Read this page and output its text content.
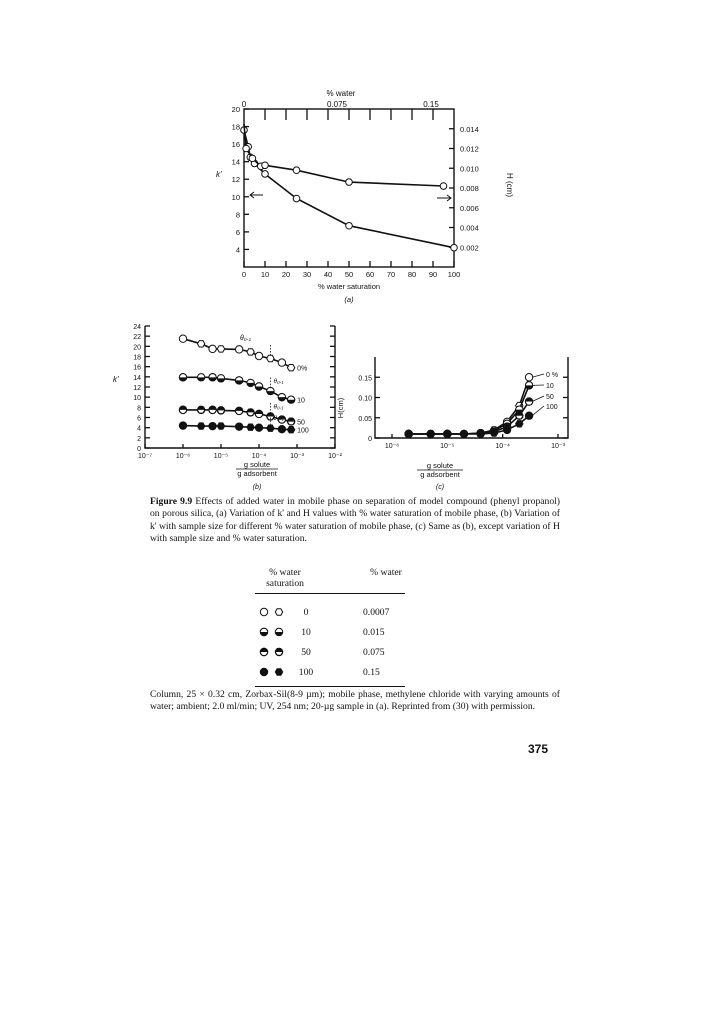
% water
0	0.075	0.15
20
18
16
14
12
10
8
6
4
0.014
0.012
0.010
0.008
0.006
0.004
0.002
0 10 20 30 40 50 60 70 80 90 100
k'	H (cm)
% water saturation
(a)
24
22
20
18
16
14
12
10
8
6
4
2
0
10⁻⁷	10⁻⁶	10⁻⁵	10⁻⁴	10⁻³	10⁻²
k'
g solute
g adsorbent
(b)
θ₀.₁
0%
10
θ₀.₁
50
θ₀.₁
100
θ₀.₁
0.15
0.10
0.05
0
10⁻⁶	10⁻⁵	10⁻⁴	10⁻³
H(cm)
g solute
g adsorbent
(c)
0 %
10
50
100
Figure 9.9 Effects of added water in mobile phase on separation of model compound (phenyl propanol) on porous silica, (a) Variation of k' and H values with % water saturation of mobile phase, (b) Variation of k' with sample size for different % water saturation of mobile phase, (c) Same as (b), except variation of H with sample size and % water saturation.
% water saturation
% water
0	0.0007
10	0.015
50	0.075
100	0.15
Column, 25 × 0.32 cm, Zorbax-Sil(8-9 µm); mobile phase, methylene chloride with varying amounts of water; ambient; 2.0 ml/min; UV, 254 nm; 20-µg sample in (a). Reprinted from (30) with permission.
375
